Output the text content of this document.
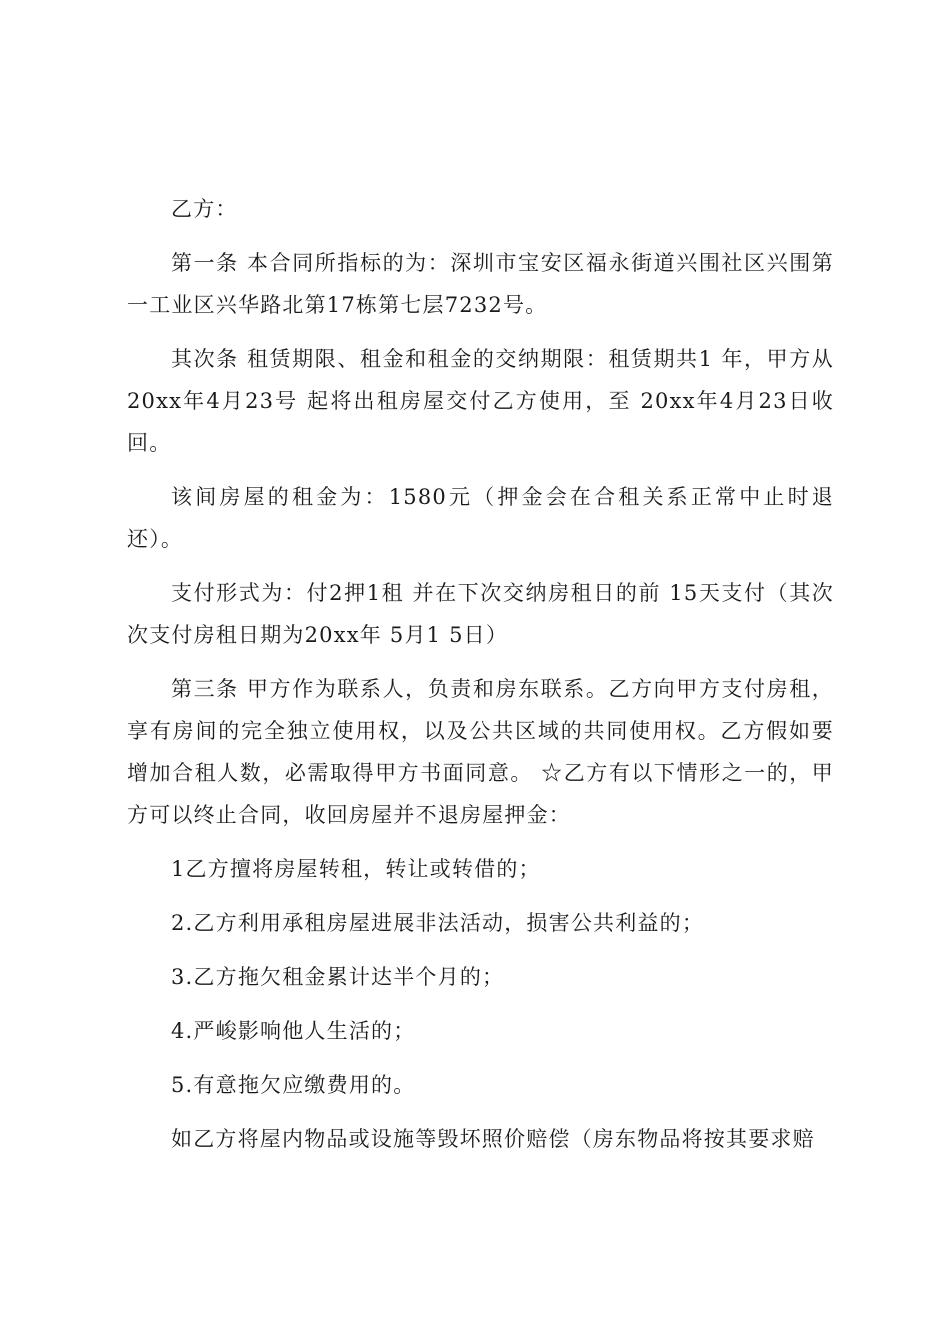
乙方：

第一条 本合同所指标的为：深圳市宝安区福永街道兴围社区兴围第一工业区兴华路北第17栋第七层7232号。

其次条 租赁期限、租金和租金的交纳期限：租赁期共1 年，甲方从 20xx年4月23号 起将出租房屋交付乙方使用，至 20xx年4月23日收回。

该间房屋的租金为：1580元（押金会在合租关系正常中止时退还）。

支付形式为：付2押1租 并在下次交纳房租日的前 15天支付（其次次支付房租日期为20xx年 5月1 5日）

第三条 甲方作为联系人，负责和房东联系。乙方向甲方支付房租，享有房间的完全独立使用权，以及公共区域的共同使用权。乙方假如要增加合租人数，必需取得甲方书面同意。 ☆乙方有以下情形之一的，甲方可以终止合同，收回房屋并不退房屋押金：

1乙方擅将房屋转租，转让或转借的；

2.乙方利用承租房屋进展非法活动，损害公共利益的；

3.乙方拖欠租金累计达半个月的；

4.严峻影响他人生活的；

5.有意拖欠应缴费用的。

如乙方将屋内物品或设施等毁坏照价赔偿（房东物品将按其要求赔
